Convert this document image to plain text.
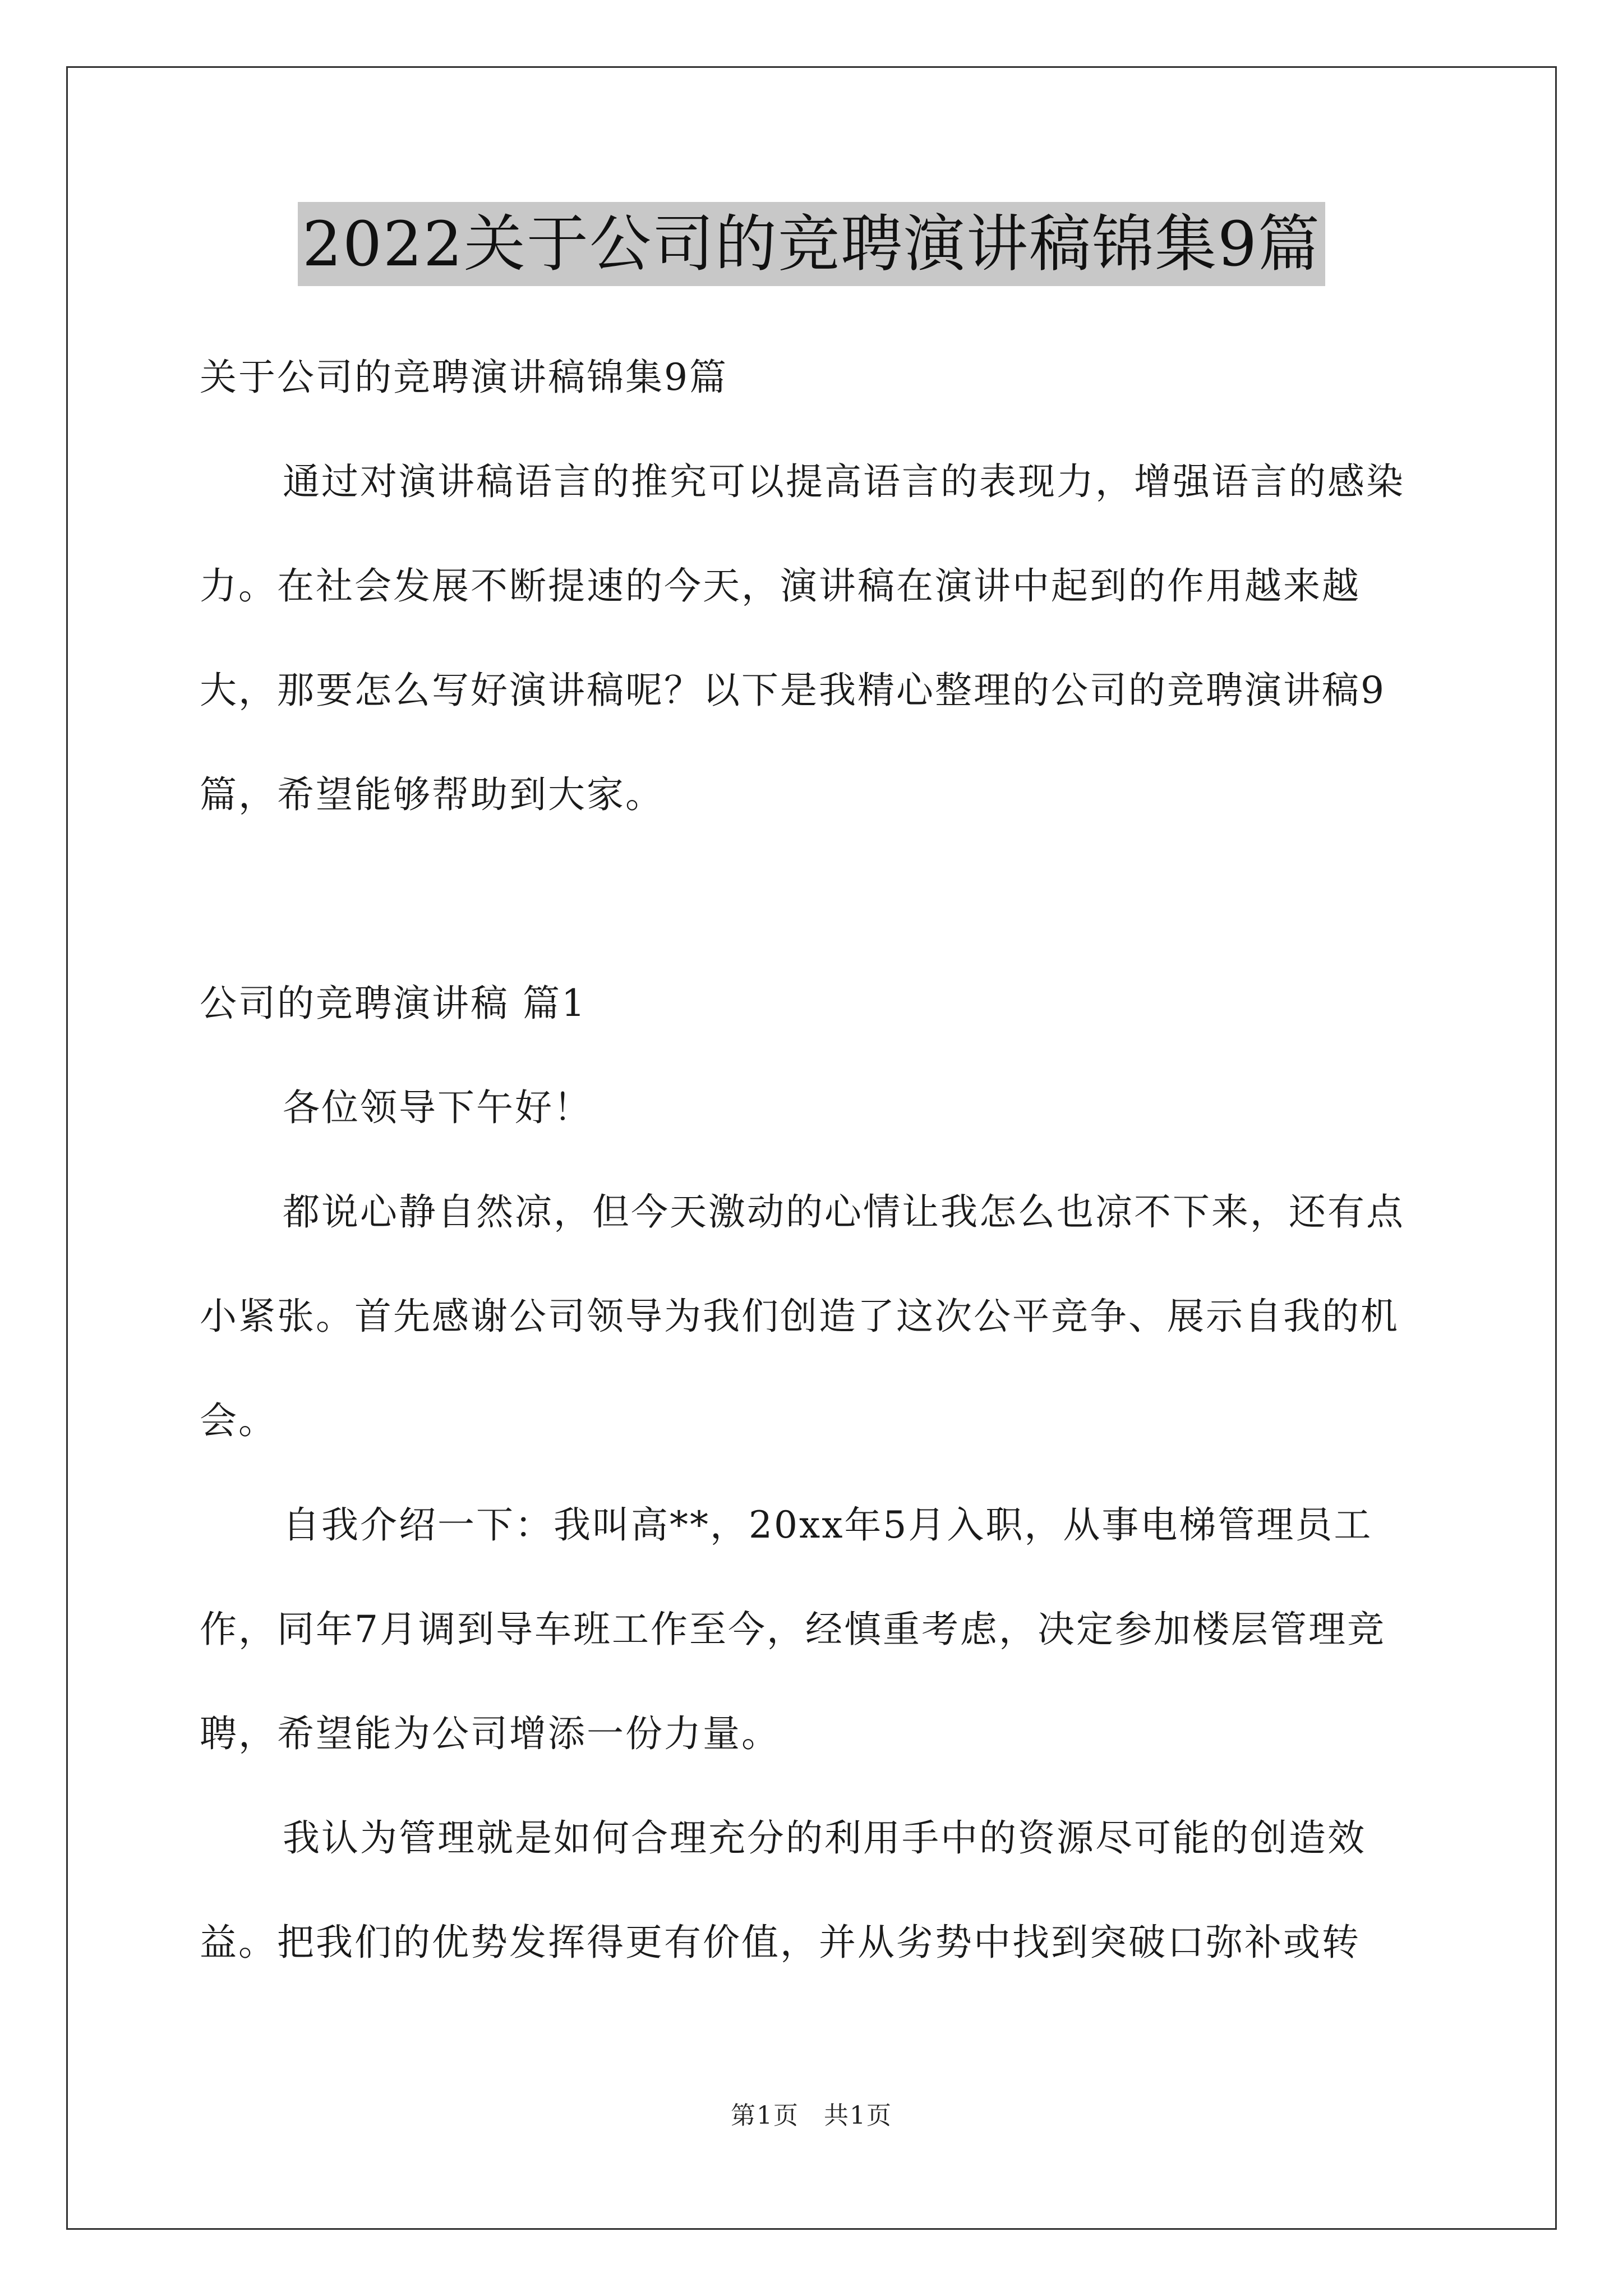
2022关于公司的竞聘演讲稿锦集9篇

关于公司的竞聘演讲稿锦集9篇

通过对演讲稿语言的推究可以提高语言的表现力，增强语言的感染力。在社会发展不断提速的今天，演讲稿在演讲中起到的作用越来越大，那要怎么写好演讲稿呢？以下是我精心整理的公司的竞聘演讲稿9篇，希望能够帮助到大家。

公司的竞聘演讲稿 篇1

各位领导下午好！

都说心静自然凉，但今天激动的心情让我怎么也凉不下来，还有点小紧张。首先感谢公司领导为我们创造了这次公平竞争、展示自我的机会。

自我介绍一下：我叫高**，20xx年5月入职，从事电梯管理员工作，同年7月调到导车班工作至今，经慎重考虑，决定参加楼层管理竞聘，希望能为公司增添一份力量。

我认为管理就是如何合理充分的利用手中的资源尽可能的创造效益。把我们的优势发挥得更有价值，并从劣势中找到突破口弥补或转

第1页 共1页
